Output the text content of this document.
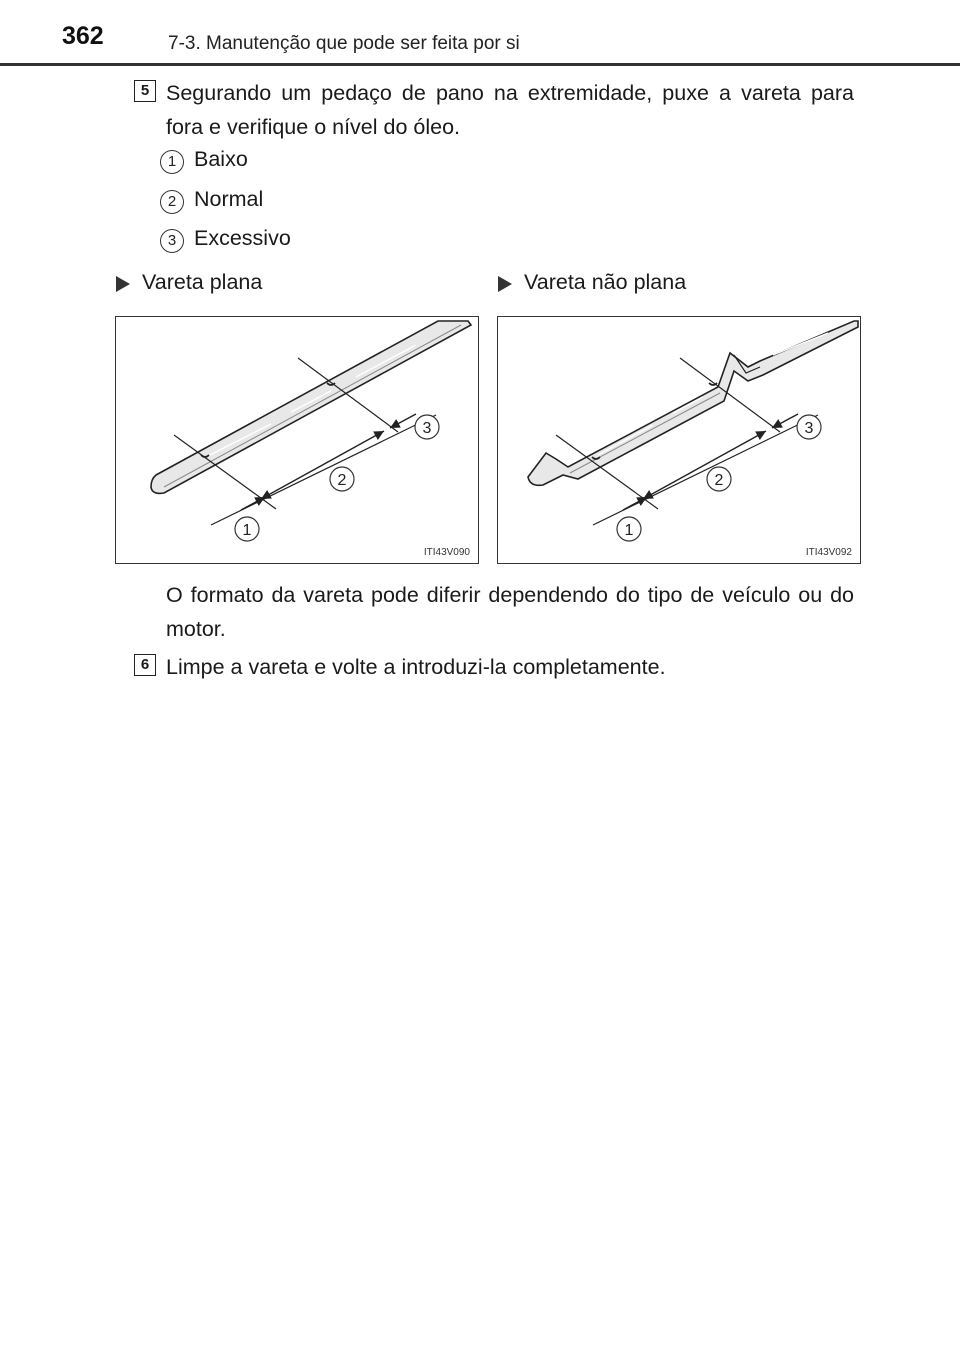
362	7-3. Manutenção que pode ser feita por si
5 Segurando um pedaço de pano na extremidade, puxe a vareta para fora e verifique o nível do óleo.
1 Baixo
2 Normal
3 Excessivo
Vareta plana	Vareta não plana
1
2
3
ITI43V090
1
2
3
ITI43V092
O formato da vareta pode diferir dependendo do tipo de veículo ou do motor.
6 Limpe a vareta e volte a introduzi-la completamente.
